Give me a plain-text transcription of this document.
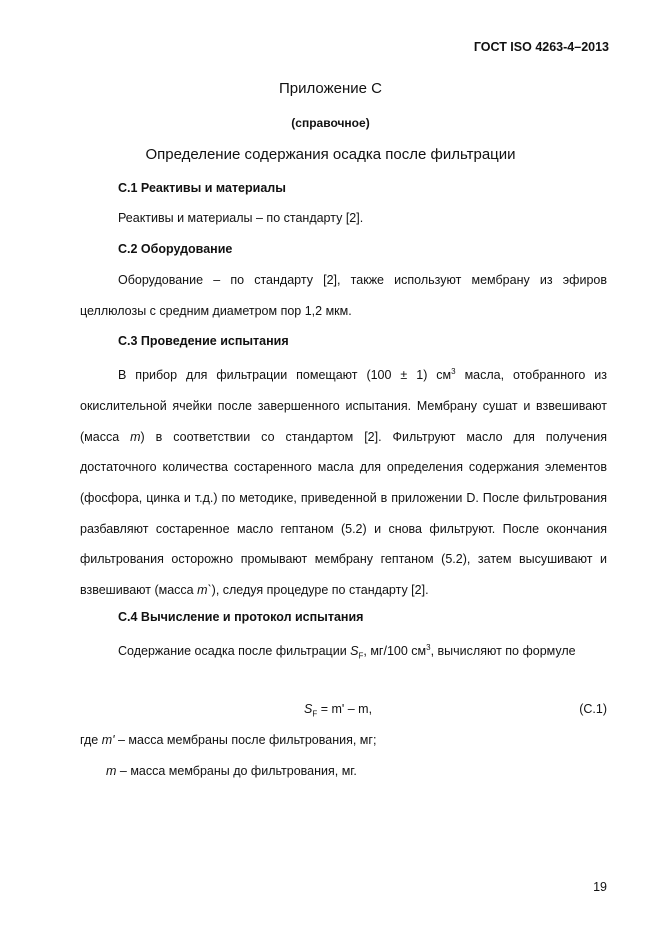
ГОСТ ISO 4263-4–2013
Приложение С
(справочное)
Определение содержания осадка после фильтрации
С.1 Реактивы и материалы
Реактивы и материалы – по стандарту [2].
С.2 Оборудование
Оборудование – по стандарту [2], также используют мембрану из эфиров целлюлозы с средним диаметром пор 1,2 мкм.
С.3 Проведение испытания
В прибор для фильтрации помещают (100 ± 1) $см^3$ масла, отобранного из окислительной ячейки после завершенного испытания. Мембрану сушат и взвешивают (масса m) в соответствии со стандартом [2]. Фильтруют масло для получения достаточного количества состаренного масла для определения содержания элементов (фосфора, цинка и т.д.) по методике, приведенной в приложении D. После фильтрования разбавляют состаренное масло гептаном (5.2) и снова фильтруют. После окончания фильтрования осторожно промывают мембрану гептаном (5.2), затем высушивают и взвешивают (масса m`), следуя процедуре по стандарту [2].
С.4 Вычисление и протокол испытания
Содержание осадка после фильтрации $S_F$, мг/100 $см^3$, вычисляют по формуле
$S_F = m' - m$,	(С.1)
где m' – масса мембраны после фильтрования, мг;
m – масса мембраны до фильтрования, мг.
19
